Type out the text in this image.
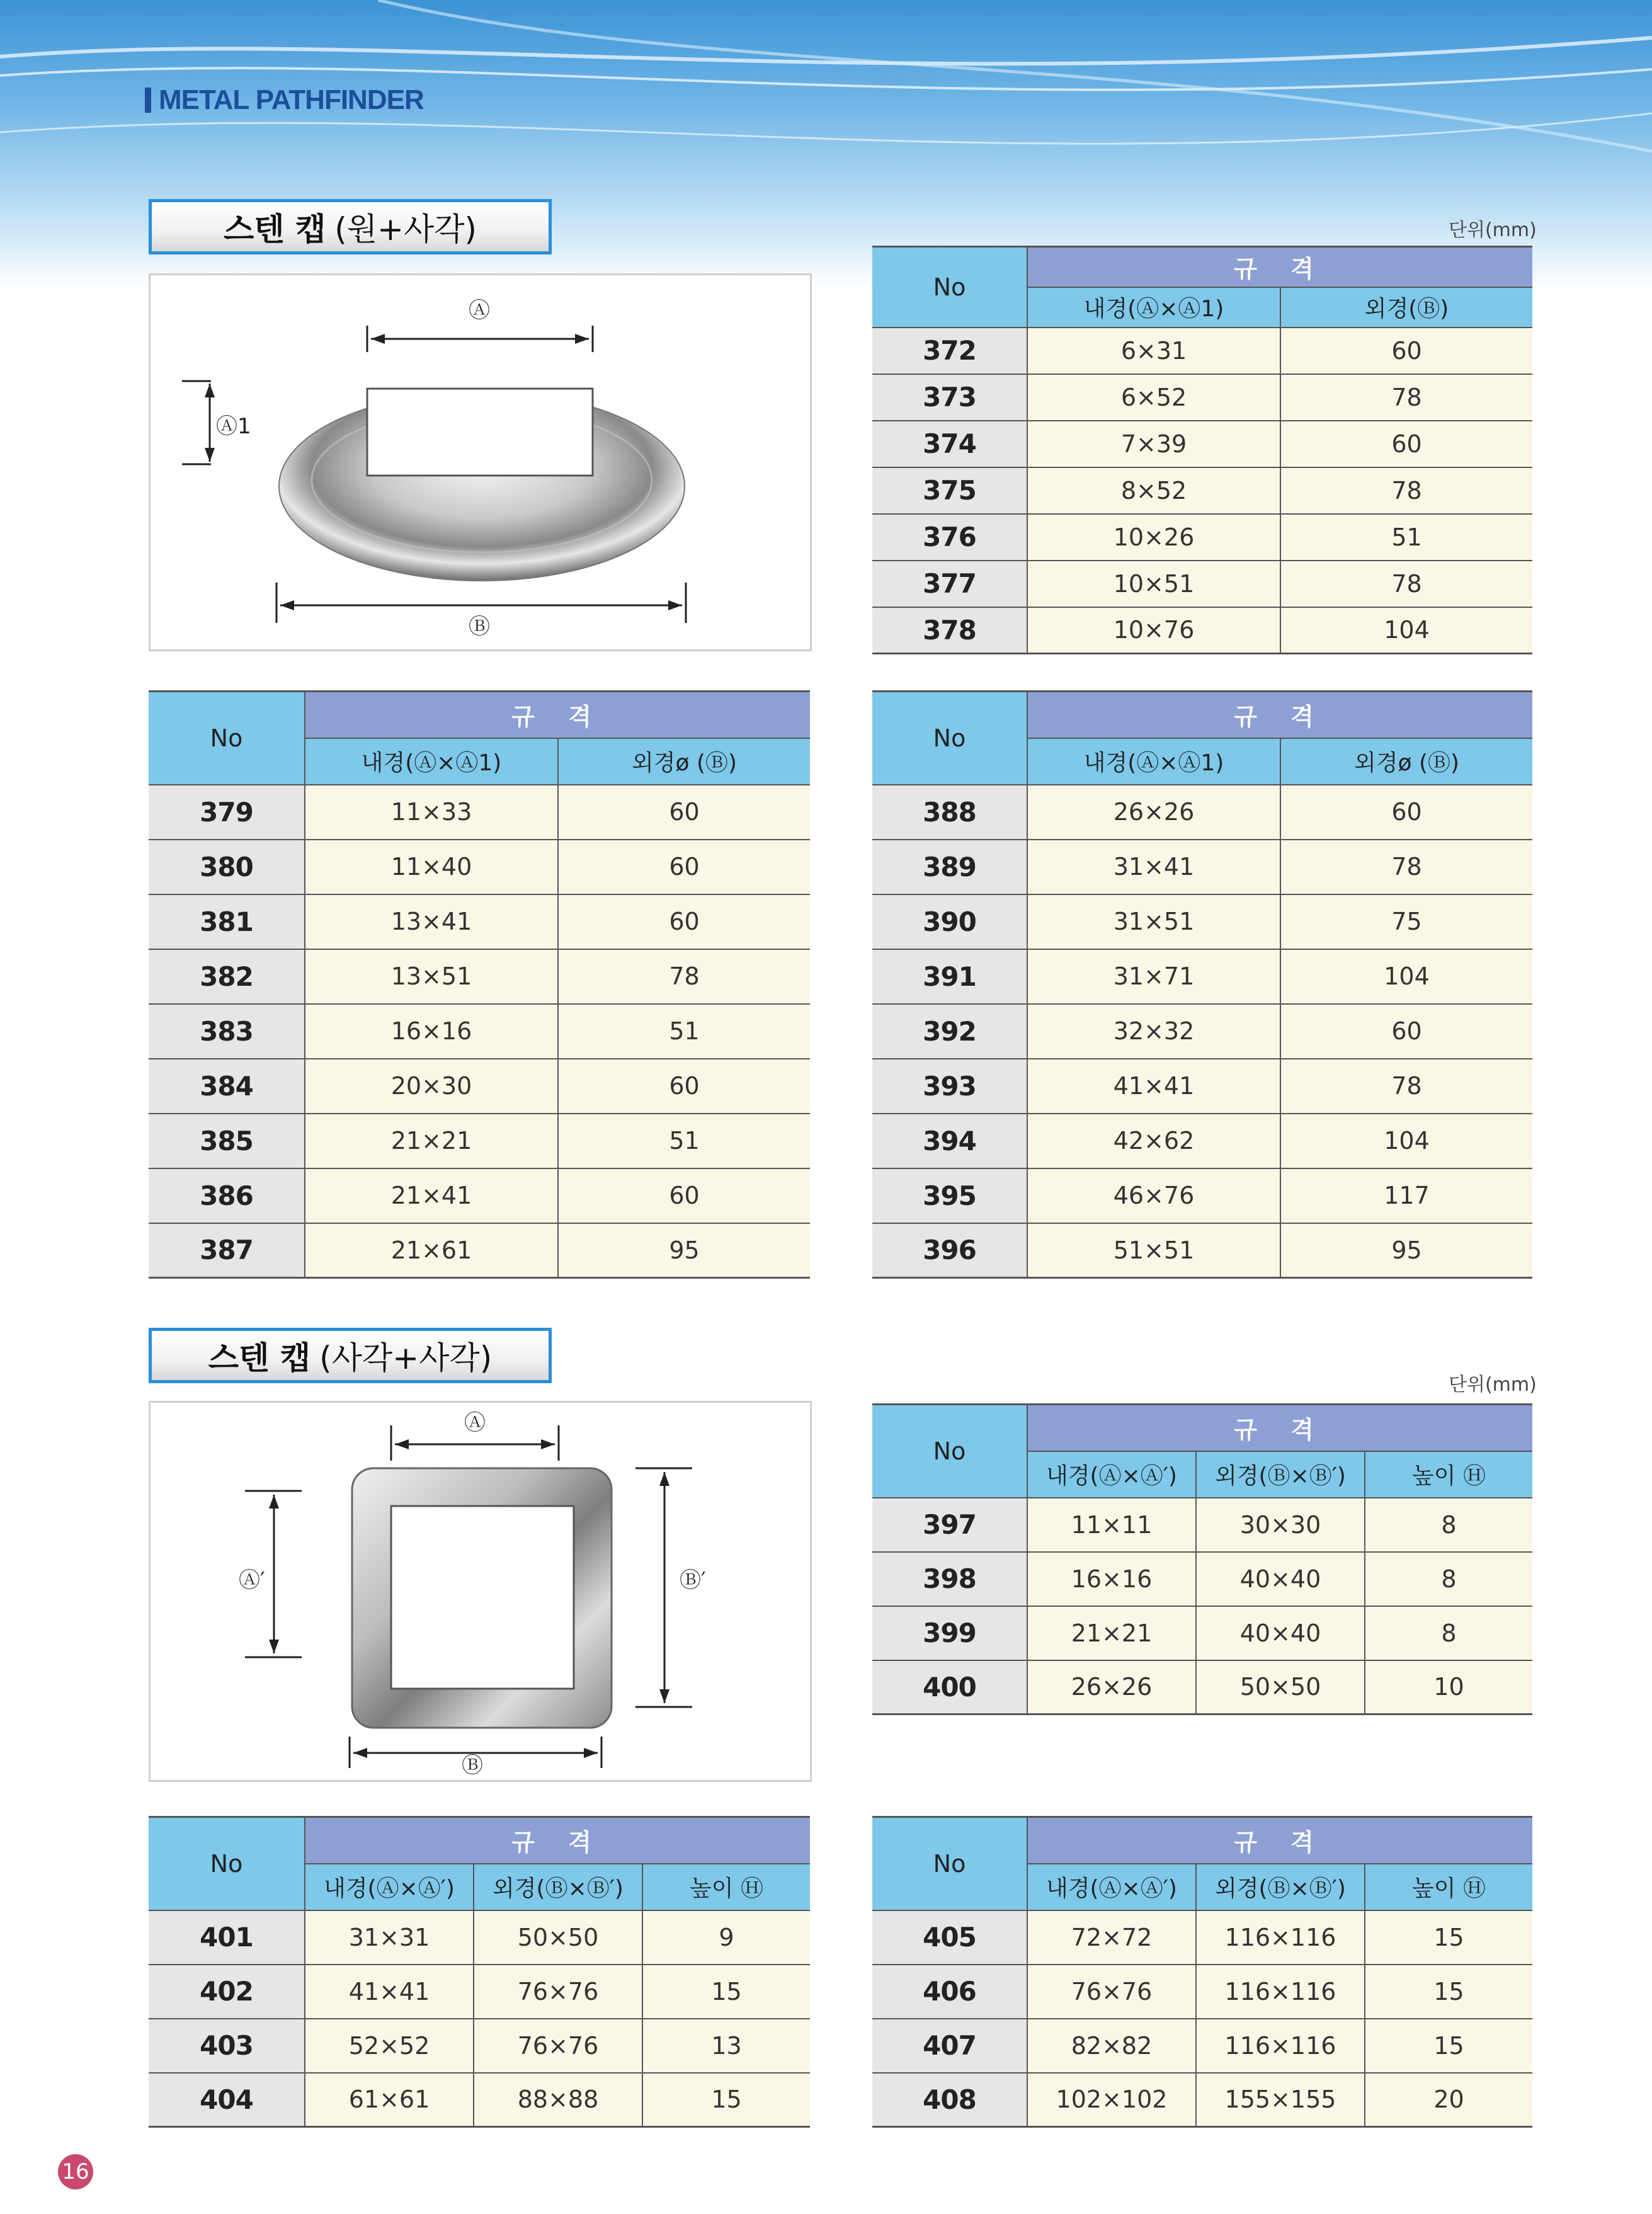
METAL PATHFINDER
스텐 캡 (원+사각)	단위(mm)
Ⓐ
Ⓐ1
Ⓑ
No	규 격	
	내경(Ⓐ×Ⓐ1)	외경(Ⓑ)
372	6×31	60
373	6×52	78
374	7×39	60
375	8×52	78
376	10×26	51
377	10×51	78
378	10×76	104
No	규 격	
	내경(Ⓐ×Ⓐ1)	외경ø (Ⓑ)
379	11×33	60
380	11×40	60
381	13×41	60
382	13×51	78
383	16×16	51
384	20×30	60
385	21×21	51
386	21×41	60
387	21×61	95
No	규 격	
	내경(Ⓐ×Ⓐ1)	외경ø (Ⓑ)
388	26×26	60
389	31×41	78
390	31×51	75
391	31×71	104
392	32×32	60
393	41×41	78
394	42×62	104
395	46×76	117
396	51×51	95
스텐 캡 (사각+사각)
단위(mm)
Ⓐ
Ⓐ′	Ⓑ′
Ⓑ
No	규 격		
	내경(Ⓐ×Ⓐ′)	외경(Ⓑ×Ⓑ′)	높이 Ⓗ
397	11×11	30×30	8
398	16×16	40×40	8
399	21×21	40×40	8
400	26×26	50×50	10
No	규 격		
	내경(Ⓐ×Ⓐ′)	외경(Ⓑ×Ⓑ′)	높이 Ⓗ
401	31×31	50×50	9
402	41×41	76×76	15
403	52×52	76×76	13
404	61×61	88×88	15
No	규 격		
	내경(Ⓐ×Ⓐ′)	외경(Ⓑ×Ⓑ′)	높이 Ⓗ
405	72×72	116×116	15
406	76×76	116×116	15
407	82×82	116×116	15
408	102×102	155×155	20
16
